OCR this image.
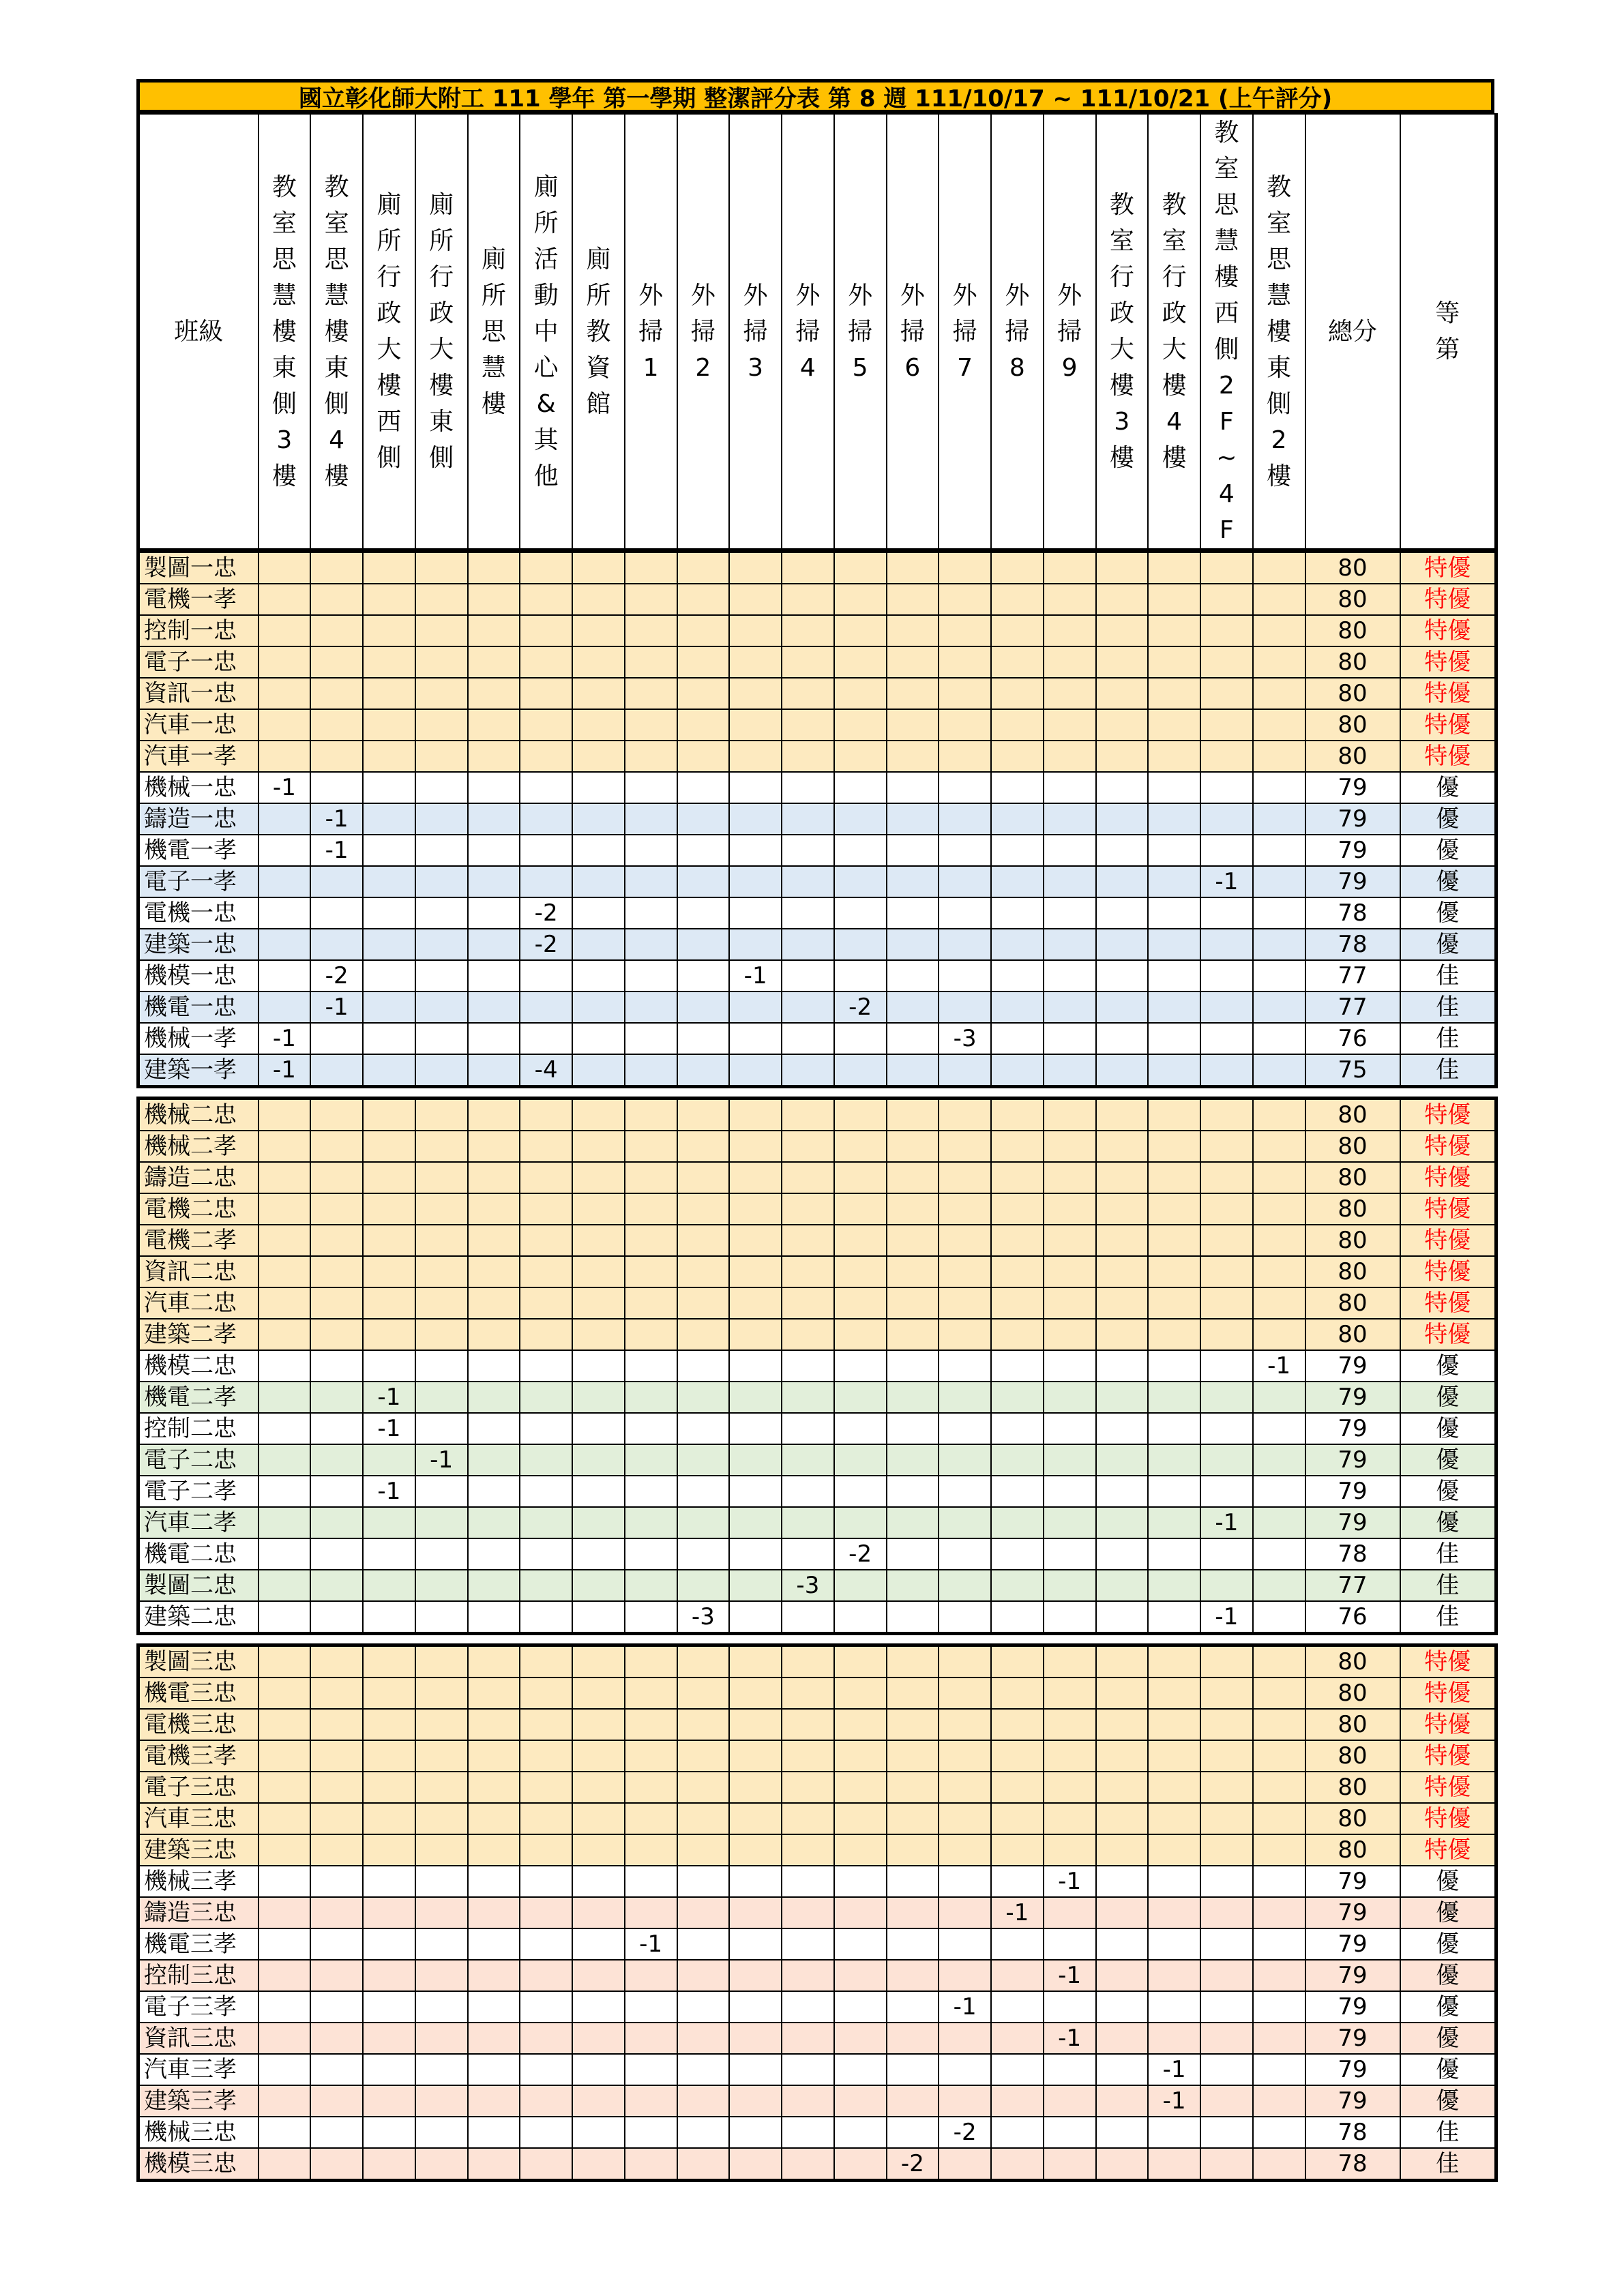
國立彰化師大附工 111 學年 第一學期 整潔評分表 第 8 週 111/10/17 ~ 111/10/21 (上午評分)
班級

教
室
思
慧
樓
東
側
3
樓

教
室
思
慧
樓
東
側
4
樓

廁
所
行
政
大
樓
西
側

廁
所
行
政
大
樓
東
側

廁
所
思
慧
樓

廁
所
活
動
中
心
&
其
他

廁
所
教
資
館

外
掃
1

外
掃
2

外
掃
3

外
掃
4

外
掃
5

外
掃
6

外
掃
7

外
掃
8

外
掃
9

教
室
行
政
大
樓
3
樓

教
室
行
政
大
樓
4
樓

教
室
思
慧
樓
西
側
2
F
~
4
F

教
室
思
慧
樓
東
側
2
樓

總分

等
第
製圖一忠																					80	特優
電機一孝																					80	特優
控制一忠																					80	特優
電子一忠																					80	特優
資訊一忠																					80	特優
汽車一忠																					80	特優
汽車一孝																					80	特優
機械一忠	-1																				79	優
鑄造一忠		-1																			79	優
機電一孝		-1																			79	優
電子一孝																			-1		79	優
電機一忠						-2															78	優
建築一忠						-2															78	優
機模一忠		-2								-1											77	佳
機電一忠		-1										-2									77	佳
機械一孝	-1													-3							76	佳
建築一孝	-1					-4															75	佳
機械二忠																					80	特優
機械二孝																					80	特優
鑄造二忠																					80	特優
電機二忠																					80	特優
電機二孝																					80	特優
資訊二忠																					80	特優
汽車二忠																					80	特優
建築二孝																					80	特優
機模二忠																				-1	79	優
機電二孝			-1																		79	優
控制二忠			-1																		79	優
電子二忠				-1																	79	優
電子二孝			-1																		79	優
汽車二孝																			-1		79	優
機電二忠												-2									78	佳
製圖二忠											-3										77	佳
建築二忠									-3										-1		76	佳
製圖三忠																					80	特優
機電三忠																					80	特優
電機三忠																					80	特優
電機三孝																					80	特優
電子三忠																					80	特優
汽車三忠																					80	特優
建築三忠																					80	特優
機械三孝																-1					79	優
鑄造三忠															-1						79	優
機電三孝								-1													79	優
控制三忠																-1					79	優
電子三孝														-1							79	優
資訊三忠																-1					79	優
汽車三孝																		-1			79	優
建築三孝																		-1			79	優
機械三忠														-2							78	佳
機模三忠													-2								78	佳
